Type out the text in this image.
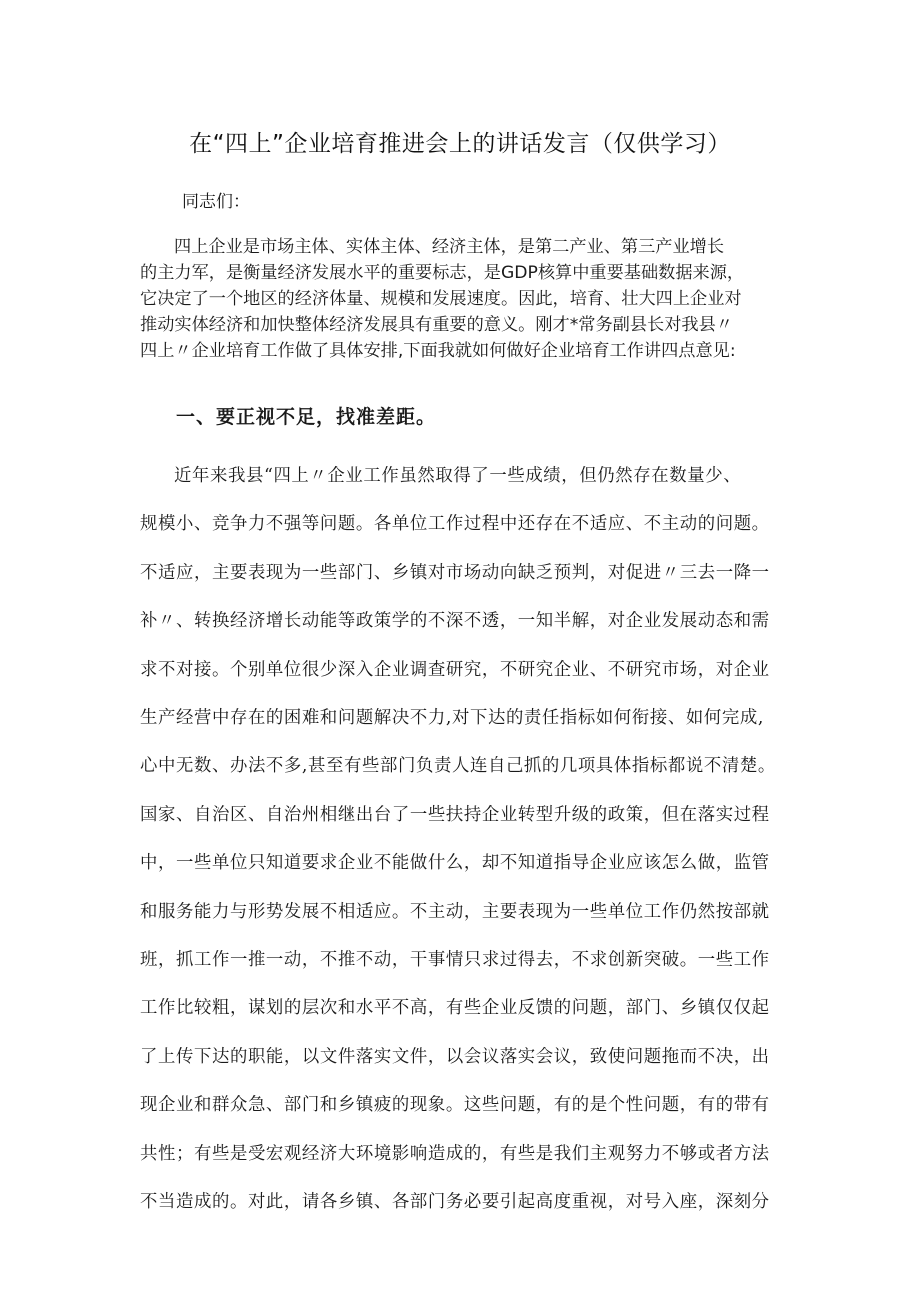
在“四上”企业培育推进会上的讲话发言（仅供学习）
同志们：
四上企业是市场主体、实体主体、经济主体，是第二产业、第三产业增长
的主力军，是衡量经济发展水平的重要标志，是GDP核算中重要基础数据来源，
它决定了一个地区的经济体量、规模和发展速度。因此，培育、壮大四上企业对
推动实体经济和加快整体经济发展具有重要的意义。刚才*常务副县长对我县〃
四上〃企业培育工作做了具体安排,下面我就如何做好企业培育工作讲四点意见:
一、要正视不足，找准差距。
近年来我县“四上〃企业工作虽然取得了一些成绩，但仍然存在数量少、
规模小、竞争力不强等问题。各单位工作过程中还存在不适应、不主动的问题。
不适应，主要表现为一些部门、乡镇对市场动向缺乏预判，对促进〃三去一降一
补〃、转换经济增长动能等政策学的不深不透，一知半解，对企业发展动态和需
求不对接。个别单位很少深入企业调查研究，不研究企业、不研究市场，对企业
生产经营中存在的困难和问题解决不力,对下达的责任指标如何衔接、如何完成,
心中无数、办法不多,甚至有些部门负责人连自己抓的几项具体指标都说不清楚。
国家、自治区、自治州相继出台了一些扶持企业转型升级的政策，但在落实过程
中，一些单位只知道要求企业不能做什么，却不知道指导企业应该怎么做，监管
和服务能力与形势发展不相适应。不主动，主要表现为一些单位工作仍然按部就
班，抓工作一推一动，不推不动，干事情只求过得去，不求创新突破。一些工作
工作比较粗，谋划的层次和水平不高，有些企业反馈的问题，部门、乡镇仅仅起
了上传下达的职能，以文件落实文件，以会议落实会议，致使问题拖而不决，出
现企业和群众急、部门和乡镇疲的现象。这些问题，有的是个性问题，有的带有
共性；有些是受宏观经济大环境影响造成的，有些是我们主观努力不够或者方法
不当造成的。对此，请各乡镇、各部门务必要引起高度重视，对号入座，深刻分
